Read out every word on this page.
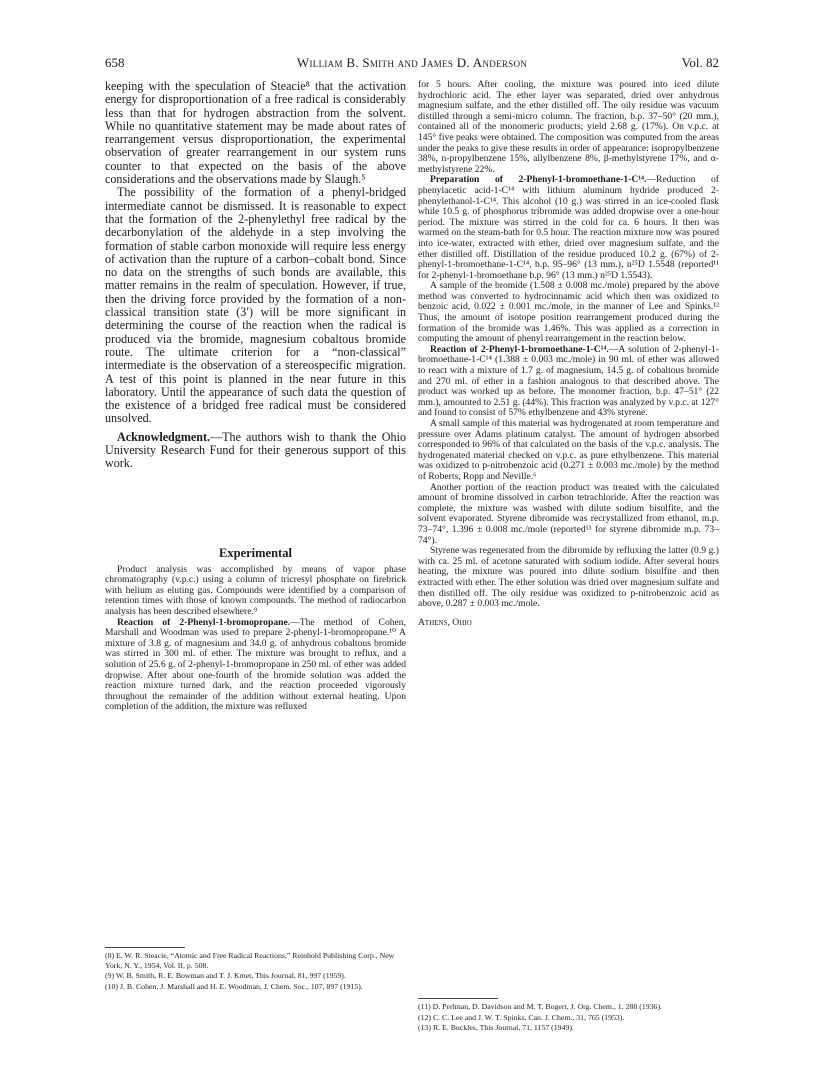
658	William B. Smith and James D. Anderson	Vol. 82

keeping with the speculation of Steacie⁸ that the activation energy for disproportionation of a free radical is considerably less than that for hydrogen abstraction from the solvent. While no quantitative statement may be made about rates of rearrangement versus disproportionation, the experimental observation of greater rearrangement in our system runs counter to that expected on the basis of the above considerations and the observations made by Slaugh.⁵

The possibility of the formation of a phenyl-bridged intermediate cannot be dismissed. It is reasonable to expect that the formation of the 2-phenylethyl free radical by the decarbonylation of the aldehyde in a step involving the formation of stable carbon monoxide will require less energy of activation than the rupture of a carbon–cobalt bond. Since no data on the strengths of such bonds are available, this matter remains in the realm of speculation. However, if true, then the driving force provided by the formation of a non-classical transition state (3′) will be more significant in determining the course of the reaction when the radical is produced via the bromide, magnesium cobaltous bromide route. The ultimate criterion for a “non-classical” intermediate is the observation of a stereospecific migration. A test of this point is planned in the near future in this laboratory. Until the appearance of such data the question of the existence of a bridged free radical must be considered unsolved.

Acknowledgment.—The authors wish to thank the Ohio University Research Fund for their generous support of this work.

Experimental

Product analysis was accomplished by means of vapor phase chromatography (v.p.c.) using a column of tricresyl phosphate on firebrick with helium as eluting gas. Compounds were identified by a comparison of retention times with those of known compounds. The method of radiocarbon analysis has been described elsewhere.⁹

Reaction of 2-Phenyl-1-bromopropane.—The method of Cohen, Marshall and Woodman was used to prepare 2-phenyl-1-bromopropane.¹⁰ A mixture of 3.8 g. of magnesium and 34.0 g. of anhydrous cobaltous bromide was stirred in 300 ml. of ether. The mixture was brought to reflux, and a solution of 25.6 g. of 2-phenyl-1-bromopropane in 250 ml. of ether was added dropwise. After about one-fourth of the bromide solution was added the reaction mixture turned dark, and the reaction proceeded vigorously throughout the remainder of the addition without external heating. Upon completion of the addition, the mixture was refluxed

(8) E. W. R. Steacie, “Atomic and Free Radical Reactions,” Reinhold Publishing Corp., New York, N. Y., 1954, Vol. II, p. 508.

(9) W. B. Smith, R. E. Bowman and T. J. Kmet, This Journal, 81, 997 (1959).

(10) J. B. Cohen, J. Marshall and H. E. Woodman, J. Chem. Soc., 107, 897 (1915).

for 5 hours. After cooling, the mixture was poured into iced dilute hydrochloric acid. The ether layer was separated, dried over anhydrous magnesium sulfate, and the ether distilled off. The oily residue was vacuum distilled through a semi-micro column. The fraction, b.p. 37–50° (20 mm.), contained all of the monomeric products; yield 2.68 g. (17%). On v.p.c. at 145° five peaks were obtained. The composition was computed from the areas under the peaks to give these results in order of appearance: isopropylbenzene 38%, n-propylbenzene 15%, allylbenzene 8%, β-methylstyrene 17%, and α-methylstyrene 22%.

Preparation of 2-Phenyl-1-bromoethane-1-C¹⁴.—Reduction of phenylacetic acid-1-C¹⁴ with lithium aluminum hydride produced 2-phenylethanol-1-C¹⁴. This alcohol (10 g.) was stirred in an ice-cooled flask while 10.5 g. of phosphorus tribromide was added dropwise over a one-hour period. The mixture was stirred in the cold for ca. 6 hours. It then was warmed on the steam-bath for 0.5 hour. The reaction mixture now was poured into ice-water, extracted with ether, dried over magnesium sulfate, and the ether distilled off. Distillation of the residue produced 10.2 g. (67%) of 2-phenyl-1-bromoethane-1-C¹⁴, b.p. 95–96° (13 mm.), n²⁵D 1.5548 (reported¹¹ for 2-phenyl-1-bromoethane b.p. 96° (13 mm.) n²⁵D 1.5543).

A sample of the bromide (1.508 ± 0.008 mc./mole) prepared by the above method was converted to hydrocinnamic acid which then was oxidized to benzoic acid, 0.022 ± 0.001 mc./mole, in the manner of Lee and Spinks.¹² Thus, the amount of isotope position rearrangement produced during the formation of the bromide was 1.46%. This was applied as a correction in computing the amount of phenyl rearrangement in the reaction below.

Reaction of 2-Phenyl-1-bromoethane-1-C¹⁴.—A solution of 2-phenyl-1-bromoethane-1-C¹⁴ (1.388 ± 0.003 mc./mole) in 90 ml. of ether was allowed to react with a mixture of 1.7 g. of magnesium, 14.5 g. of cobaltous bromide and 270 ml. of ether in a fashion analogous to that described above. The product was worked up as before. The monomer fraction, b.p. 47–51° (22 mm.), amounted to 2.51 g. (44%). This fraction was analyzed by v.p.c. at 127° and found to consist of 57% ethylbenzene and 43% styrene.

A small sample of this material was hydrogenated at room temperature and pressure over Adams platinum catalyst. The amount of hydrogen absorbed corresponded to 96% of that calculated on the basis of the v.p.c. analysis. The hydrogenated material checked on v.p.c. as pure ethylbenzene. This material was oxidized to p-nitrobenzoic acid (0.271 ± 0.003 mc./mole) by the method of Roberts, Ropp and Neville.⁶

Another portion of the reaction product was treated with the calculated amount of bromine dissolved in carbon tetrachloride. After the reaction was complete, the mixture was washed with dilute sodium bisulfite, and the solvent evaporated. Styrene dibromide was recrystallized from ethanol, m.p. 73–74°, 1.396 ± 0.008 mc./mole (reported¹³ for styrene dibromide m.p. 73–74°).

Styrene was regenerated from the dibromide by refluxing the latter (0.9 g.) with ca. 25 ml. of acetone saturated with sodium iodide. After several hours heating, the mixture was poured into dilute sodium bisulfite and then extracted with ether. The ether solution was dried over magnesium sulfate and then distilled off. The oily residue was oxidized to p-nitrobenzoic acid as above, 0.287 ± 0.003 mc./mole.

Athens, Ohio

(11) D. Perlman, D. Davidson and M. T. Bogert, J. Org. Chem., 1, 288 (1936).

(12) C. C. Lee and J. W. T. Spinks, Can. J. Chem., 31, 765 (1953).

(13) R. E. Buckles, This Journal, 71, 1157 (1949).
